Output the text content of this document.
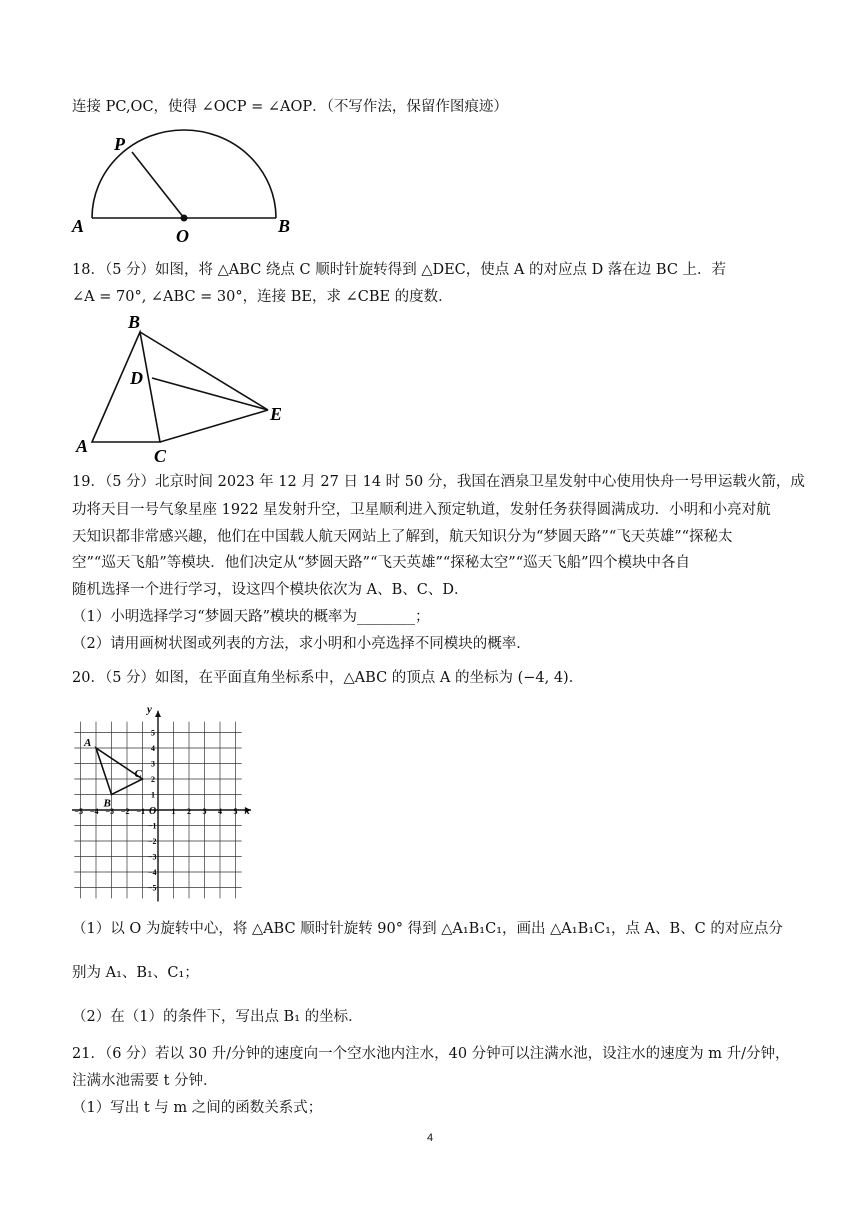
连接 PC,OC，使得 ∠OCP = ∠AOP．（不写作法，保留作图痕迹）
P
A	O	B
18．（5 分）如图，将 △ABC 绕点 C 顺时针旋转得到 △DEC，使点 A 的对应点 D 落在边 BC 上．若
∠A = 70°, ∠ABC = 30°，连接 BE，求 ∠CBE 的度数．
B
D
E
A	C
19．（5 分）北京时间 2023 年 12 月 27 日 14 时 50 分，我国在酒泉卫星发射中心使用快舟一号甲运载火箭，成
功将天目一号气象星座 1922 星发射升空，卫星顺利进入预定轨道，发射任务获得圆满成功．小明和小亮对航
天知识都非常感兴趣，他们在中国载人航天网站上了解到，航天知识分为“梦圆天路”“飞天英雄”“探秘太
空”“巡天飞船”等模块．他们决定从“梦圆天路”“飞天英雄”“探秘太空”“巡天飞船”四个模块中各自
随机选择一个进行学习，设这四个模块依次为 A、B、C、D．
（1）小明选择学习“梦圆天路”模块的概率为________；
（2）请用画树状图或列表的方法，求小明和小亮选择不同模块的概率．
20．（5 分）如图，在平面直角坐标系中，△ABC 的顶点 A 的坐标为 (−4, 4)．
x
y
O
−5 −4 −3 −2 −1	1 2 3 4 5
5
4
3
2
1
−1
−2
−3
−4
−5
A
B
C
（1）以 O 为旋转中心，将 △ABC 顺时针旋转 90° 得到 △A₁B₁C₁，画出 △A₁B₁C₁，点 A、B、C 的对应点分
别为 A₁、B₁、C₁；
（2）在（1）的条件下，写出点 B₁ 的坐标．
21．（6 分）若以 30 升/分钟的速度向一个空水池内注水，40 分钟可以注满水池，设注水的速度为 m 升/分钟，
注满水池需要 t 分钟．
（1）写出 t 与 m 之间的函数关系式；
4
